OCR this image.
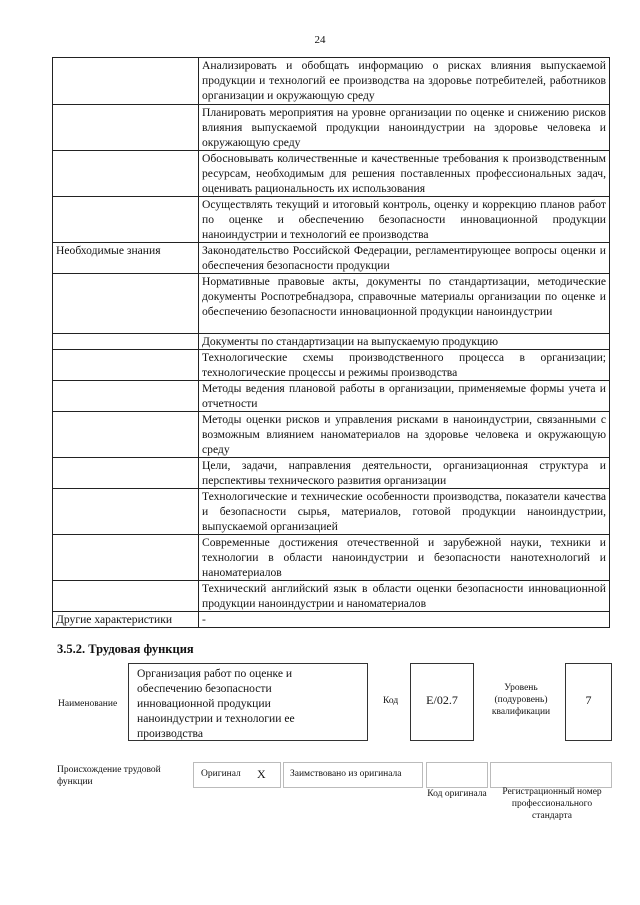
24
	Анализировать и обобщать информацию о рисках влияния выпускаемой продукции и технологий ее производства на здоровье потребителей, работников организации и окружающую среду
	Планировать мероприятия на уровне организации по оценке и снижению рисков влияния выпускаемой продукции наноиндустрии на здоровье человека и окружающую среду
	Обосновывать количественные и качественные требования к производственным ресурсам, необходимым для решения поставленных профессиональных задач, оценивать рациональность их использования
	Осуществлять текущий и итоговый контроль, оценку и коррекцию планов работ по оценке и обеспечению безопасности инновационной продукции наноиндустрии и технологий ее производства
Необходимые знания	Законодательство Российской Федерации, регламентирующее вопросы оценки и обеспечения безопасности продукции
	Нормативные правовые акты, документы по стандартизации, методические документы Роспотребнадзора, справочные материалы организации по оценке и обеспечению безопасности инновационной продукции наноиндустрии
	Документы по стандартизации на выпускаемую продукцию
	Технологические схемы производственного процесса в организации; технологические процессы и режимы производства
	Методы ведения плановой работы в организации, применяемые формы учета и отчетности
	Методы оценки рисков и управления рисками в наноиндустрии, связанными с возможным влиянием наноматериалов на здоровье человека и окружающую среду
	Цели, задачи, направления деятельности, организационная структура и перспективы технического развития организации
	Технологические и технические особенности производства, показатели качества и безопасности сырья, материалов, готовой продукции наноиндустрии, выпускаемой организацией
	Современные достижения отечественной и зарубежной науки, техники и технологии в области наноиндустрии и безопасности нанотехнологий и наноматериалов
	Технический английский язык в области оценки безопасности инновационной продукции наноиндустрии и наноматериалов
Другие характеристики	-
3.5.2. Трудовая функция
Наименование
Организация работ по оценке и
обеспечению безопасности
инновационной продукции
наноиндустрии и технологии ее
производства
Код	E/02.7
Уровень (подуровень) квалификации
7
Происхождение трудовой функции
Оригинал X	Заимствовано из оригинала
Код оригинала	Регистрационный номер профессионального стандарта
